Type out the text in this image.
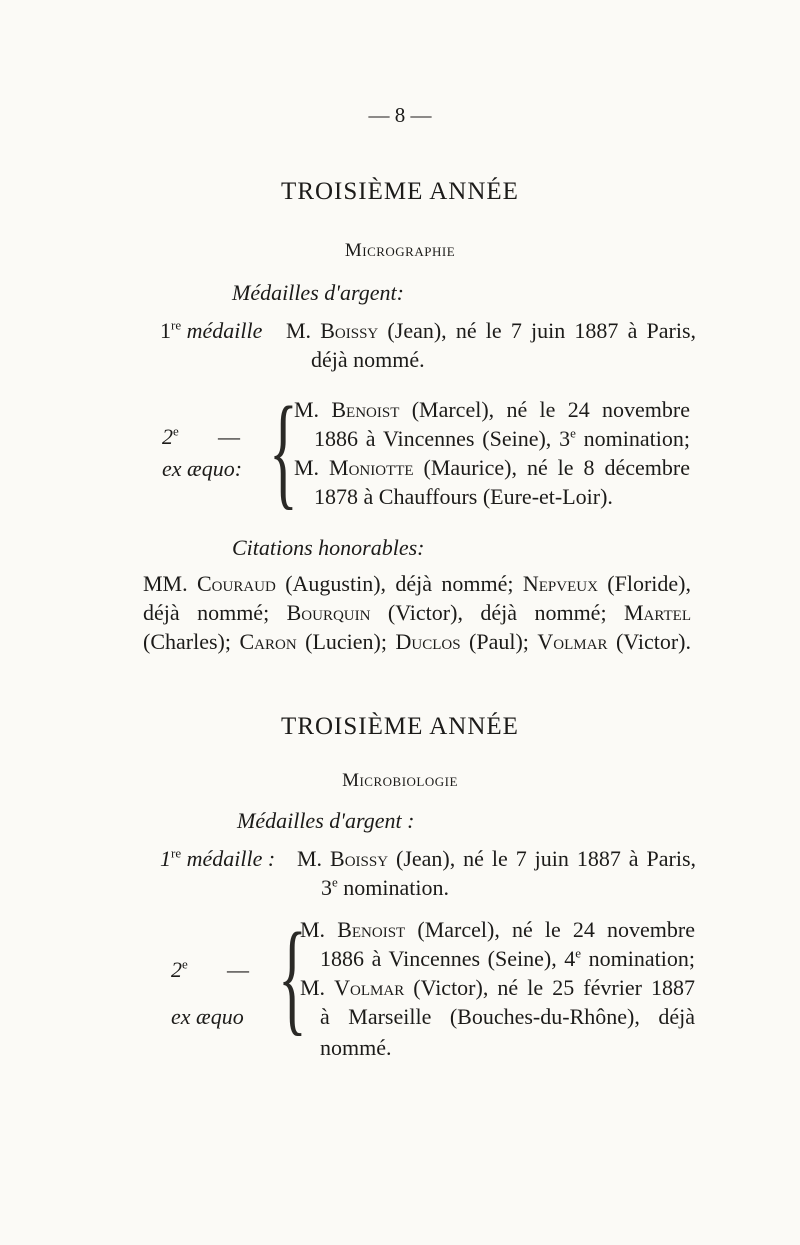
— 8 —
TROISIÈME ANNÉE
Micrographie
Médailles d'argent:
1re médaille M. Boissy (Jean), né le 7 juin 1887 à Paris,
déjà nommé.
2e —
ex æquo: {
M. Benoist (Marcel), né le 24 novembre
1886 à Vincennes (Seine), 3e nomination;
M. Moniotte (Maurice), né le 8 décembre
1878 à Chauffours (Eure-et-Loir).
Citations honorables:
MM. Couraud (Augustin), déjà nommé; Nepveux (Floride),
déjà nommé; Bourquin (Victor), déjà nommé; Martel
(Charles); Caron (Lucien); Duclos (Paul); Volmar (Victor).
TROISIÈME ANNÉE
Microbiologie
Médailles d'argent :
1re médaille : M. Boissy (Jean), né le 7 juin 1887 à Paris,
3e nomination.
2e —
ex æquo {
M. Benoist (Marcel), né le 24 novembre
1886 à Vincennes (Seine), 4e nomination;
M. Volmar (Victor), né le 25 février 1887
à Marseille (Bouches-du-Rhône), déjà
nommé.
